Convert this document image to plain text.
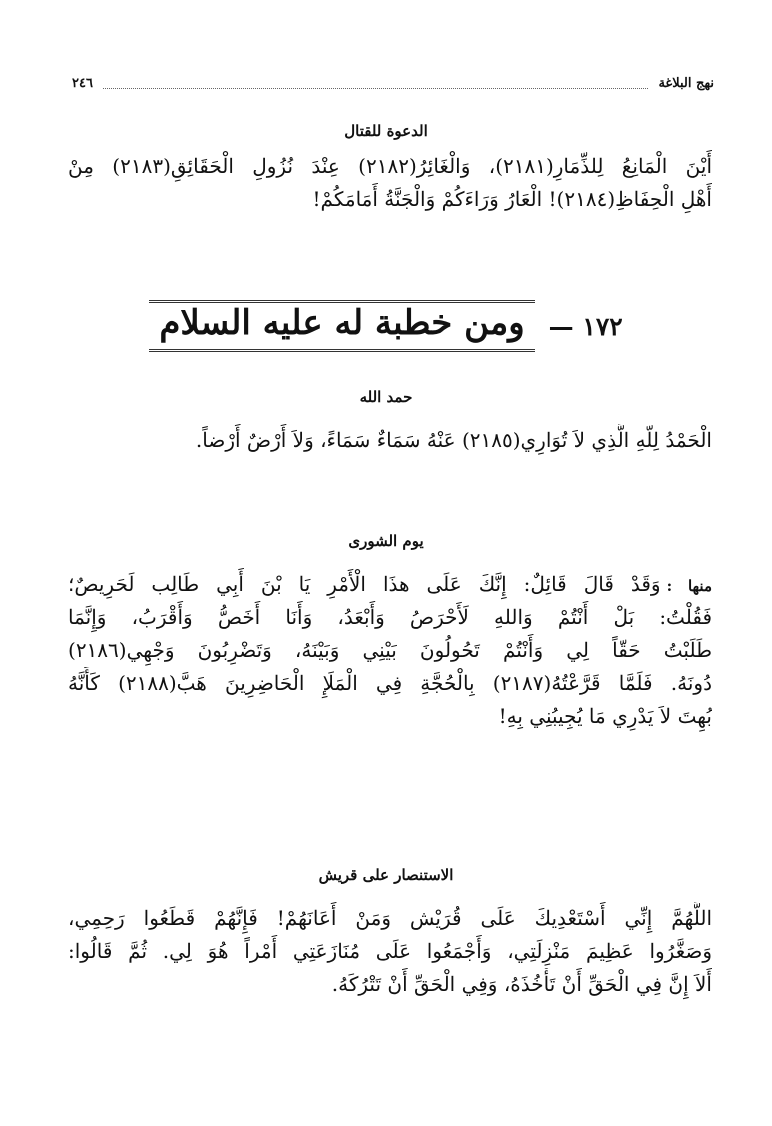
٢٤٦	نهج البلاغة
الدعوة للقتال
أَيْنَ الْمَانِعُ لِلذِّمَارِ(٢١٨١)، وَالْغَائِرُ(٢١٨٢) عِنْدَ نُزُولِ الْحَقَائِقِ(٢١٨٣) مِنْ
أَهْلِ الْحِفَاظِ(٢١٨٤)! الْعَارُ وَرَاءَكُمْ وَالْجَنَّةُ أَمَامَكُمْ!
١٧٢ —
ومن خطبة له عليه السلام
حمد الله
الْحَمْدُ لِلّهِ الَّذِي لاَ تُوَارِي(٢١٨٥) عَنْهُ سَمَاءٌ سَمَاءً، وَلاَ أَرْضٌ أَرْضاً.
يوم الشورى
منها :وَقَدْ قَالَ قَائِلٌ: إِنَّكَ عَلَى هذَا الْأَمْرِ يَا بْنَ أَبِي طَالِب لَحَرِيصٌ؛
فَقُلْتُ: بَلْ أَنْتُمْ وَاللهِ لَأَحْرَصُ وَأَبْعَدُ، وَأَنَا أَخَصُّ وَأَقْرَبُ، وَإِنَّمَا
طَلَبْتُ حَقّاً لِي وَأَنْتُمْ تَحُولُونَ بَيْنِي وَبَيْنَهُ، وَتَضْرِبُونَ وَجْهِي(٢١٨٦)
دُونَهُ. فَلَمَّا قَرَّعْتُهُ(٢١٨٧) بِالْحُجَّةِ فِي الْمَلَإِ الْحَاضِرِينَ هَبَّ(٢١٨٨) كَأَنَّهُ
بُهِتَ لاَ يَدْرِي مَا يُجِيبُنِي بِهِ!
الاستنصار على قريش
اللَّهُمَّ إِنِّي أَسْتَعْدِيكَ عَلَى قُرَيْش وَمَنْ أَعَانَهُمْ! فَإِنَّهُمْ قَطَعُوا رَحِمِي،
وَصَغَّرُوا عَظِيمَ مَنْزِلَتِي، وَأَجْمَعُوا عَلَى مُنَازَعَتِي أَمْراً هُوَ لِي. ثُمَّ قَالُوا:
أَلاَ إِنَّ فِي الْحَقِّ أَنْ تَأْخُذَهُ، وَفِي الْحَقِّ أَنْ تَتْرُكَهُ.
